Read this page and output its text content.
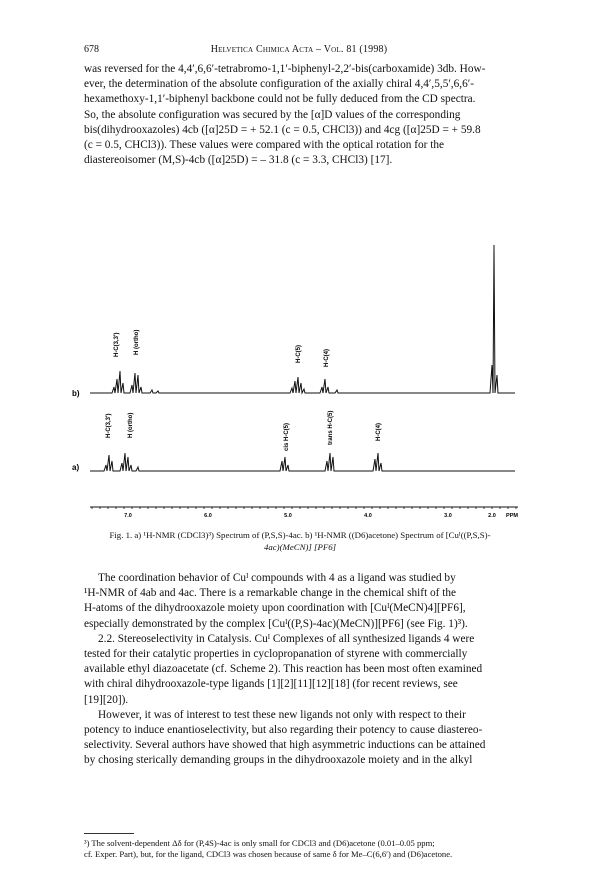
678	Helvetica Chimica Acta – Vol. 81 (1998)

was reversed for the 4,4′,6,6′-tetrabromo-1,1′-biphenyl-2,2′-bis(carboxamide) 3db. How-

ever, the determination of the absolute configuration of the axially chiral 4,4′,5,5′,6,6′-

hexamethoxy-1,1′-biphenyl backbone could not be fully deduced from the CD spectra.

So, the absolute configuration was secured by the [α]D values of the corresponding

bis(dihydrooxazoles) 4cb ([α]25D = + 52.1 (c = 0.5, CHCl3)) and 4cg ([α]25D = + 59.8

(c = 0.5, CHCl3)). These values were compared with the optical rotation for the

diastereoisomer (M,S)-4cb ([α]25D) = – 31.8 (c = 3.3, CHCl3) [17].

b)
a)
H-C(3,3′) H (ortho)	H-C(5)	H-C(4)
H-C(3,3′)	H (ortho)	cis H-C(5)	trans H-C(5)	H-C(4)
7.0	6.0	5.0	4.0	3.0	2.0 PPM
Fig. 1. a) ¹H-NMR (CDCl3)³) Spectrum of (P,S,S)-4ac. b) ¹H-NMR ((D6)acetone) Spectrum of [Cuᴵ((P,S,S)-
4ac)(MeCN)] [PF6]

The coordination behavior of Cuᴵ compounds with 4 as a ligand was studied by

¹H-NMR of 4ab and 4ac. There is a remarkable change in the chemical shift of the

H-atoms of the dihydrooxazole moiety upon coordination with [Cuᴵ(MeCN)4][PF6],

especially demonstrated by the complex [Cuᴵ((P,S)-4ac)(MeCN)][PF6] (see Fig. 1)³).

2.2. Stereoselectivity in Catalysis. Cuᴵ Complexes of all synthesized ligands 4 were

tested for their catalytic properties in cyclopropanation of styrene with commercially

available ethyl diazoacetate (cf. Scheme 2). This reaction has been most often examined

with chiral dihydrooxazole-type ligands [1][2][11][12][18] (for recent reviews, see

[19][20]).

However, it was of interest to test these new ligands not only with respect to their

potency to induce enantioselectivity, but also regarding their potency to cause diastereo-

selectivity. Several authors have showed that high asymmetric inductions can be attained

by chosing sterically demanding groups in the dihydrooxazole moiety and in the alkyl

³) The solvent-dependent Δδ for (P,4S)-4ac is only small for CDCl3 and (D6)acetone (0.01–0.05 ppm;
cf. Exper. Part), but, for the ligand, CDCl3 was chosen because of same δ for Me–C(6,6′) and (D6)acetone.
